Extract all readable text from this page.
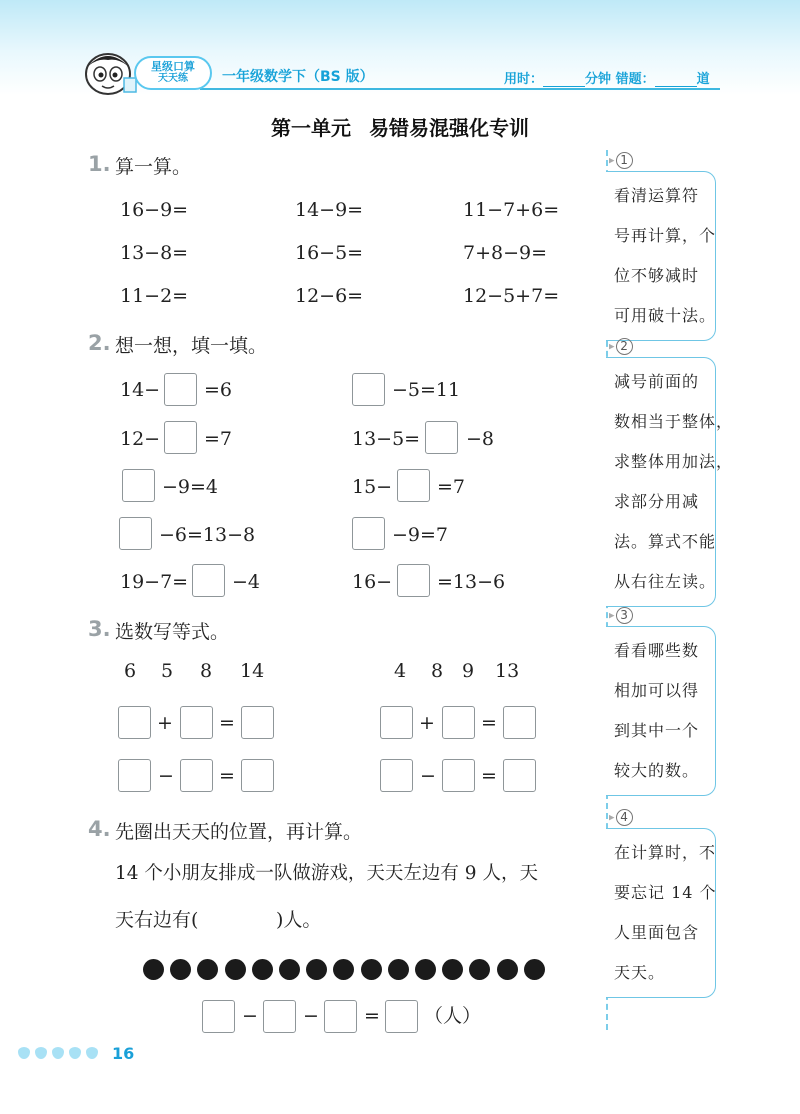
星级口算
天天练	一年级数学下（BS 版）	用时：	分钟 错题：	道
第一单元 易错易混强化专训
1. 算一算。
16−9=	14−9=	11−7+6=
13−8=	16−5=	7+8−9=
11−2=	12−6=	12−5+7=
2. 想一想，填一填。
14− =6	−5=11
12− =7	13−5= −8
−9=4	15− =7
−6=13−8	−9=7
19−7= −4	16− =13−6
3. 选数写等式。
6 5 8 14	4 8 9 13
+ =	+ =
− =	− =
4. 先圈出天天的位置，再计算。
14 个小朋友排成一队做游戏，天天左边有 9 人，天
天右边有(	)人。
− − = （人）
▸ 1

看清运算符

号再计算，个

位不够减时

可用破十法。

▸ 2

减号前面的

数相当于整体，

求整体用加法，

求部分用减

法。算式不能

从右往左读。

▸ 3

看看哪些数

相加可以得

到其中一个

较大的数。

▸ 4

在计算时，不

要忘记 14 个

人里面包含

天天。

16
